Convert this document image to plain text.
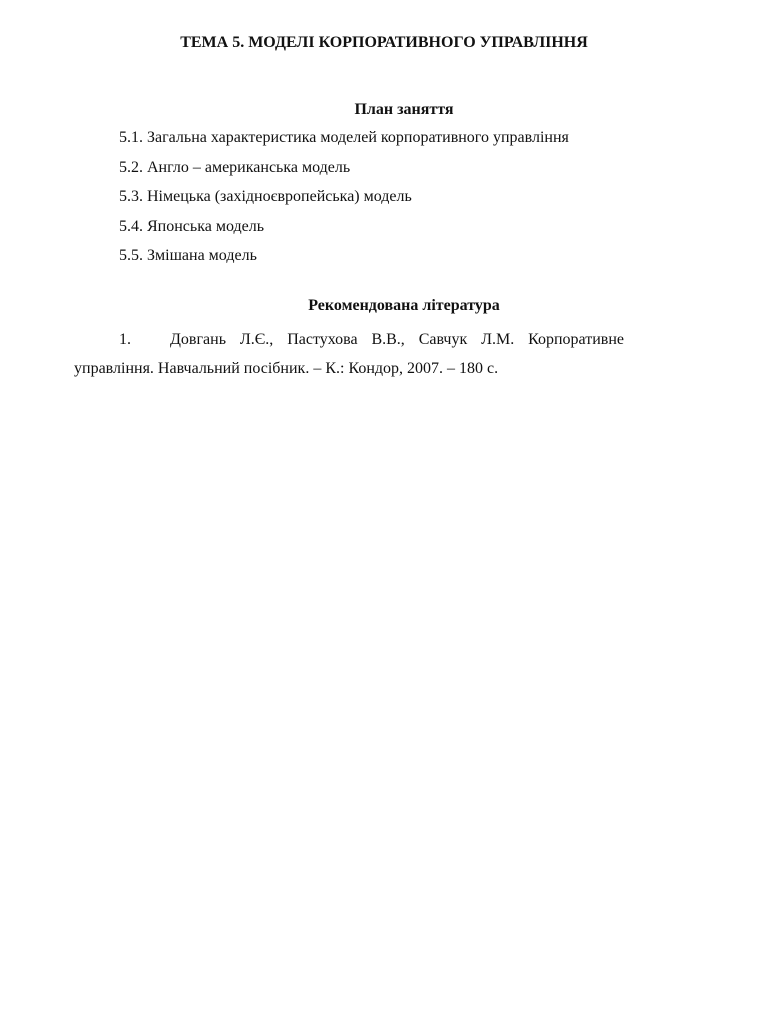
ТЕМА 5. МОДЕЛІ КОРПОРАТИВНОГО УПРАВЛІННЯ
План заняття
5.1. Загальна характеристика моделей корпоративного управління
5.2. Англо – американська модель
5.3. Німецька (західноєвропейська) модель
5.4. Японська модель
5.5. Змішана модель
Рекомендована література
1.	Довгань Л.Є., Пастухова В.В., Савчук Л.М. Корпоративне
управління. Навчальний посібник. – К.: Кондор, 2007. – 180 с.
